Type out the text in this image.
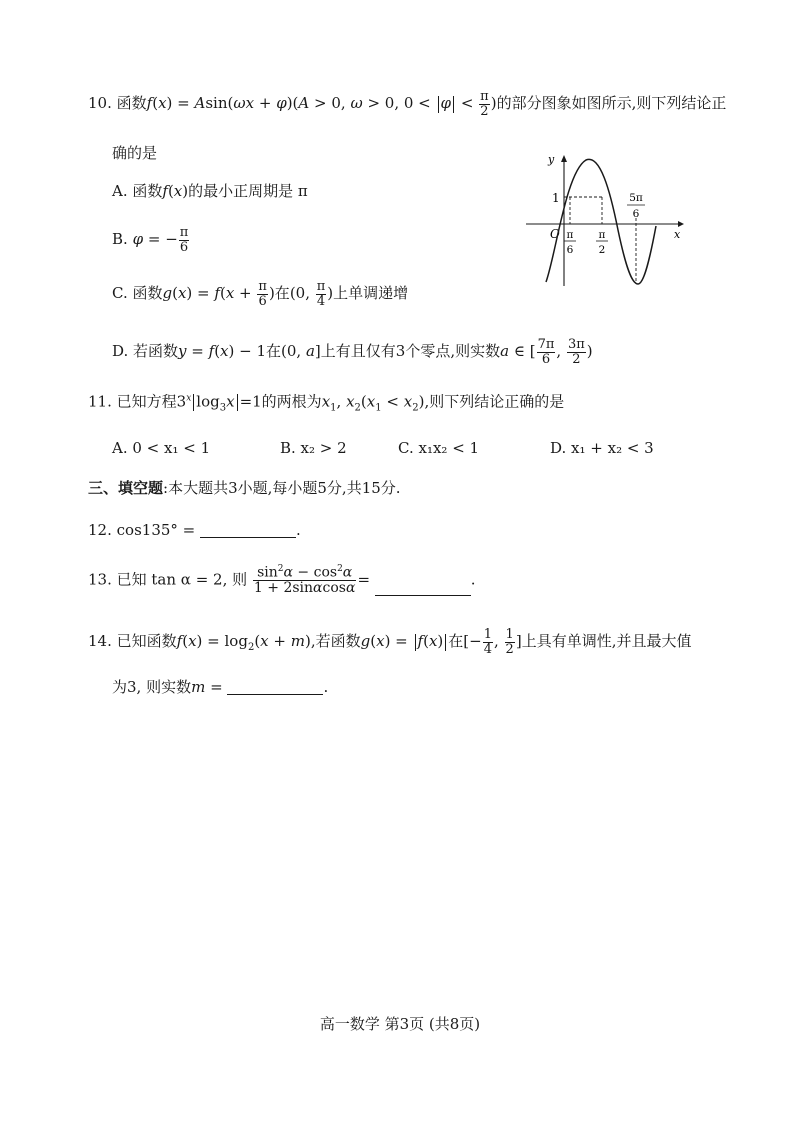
10. 函数f(x) = Asin(ωx + φ)(A > 0, ω > 0, $0 < \varphi < \frac{\pi}{2}$ )的部分图象如图所示,则下列结论正
确的是
A. 函数f(x)的最小正周期是 π
B. φ = − $\frac{\pi}{6}$
C. 函数$g(x) = f(x + \frac{\pi}{6}$ )在(0, $\frac{\pi}{4}$ )上单调递增
D. 若函数y = f(x) − 1在(0, a]上有且仅有3个零点,则实数a ∈ [ $\frac{7\pi}{6}$ , $\frac{3\pi}{2}$ )
y
x
O
1
π
6
π
2
5π
6
11. 已知方程3$^x$ $\log_3x =1$的两根为$x_1$, $x_2(x_1 < x_2)$,则下列结论正确的是
A. 0 < x₁ < 1	B. x₂ > 2	C. x₁x₂ < 1	D. x₁ + x₂ < 3
三、填空题:本大题共3小题,每小题5分,共15分.
12. cos135° =	.
13. 已知 tan α = 2, 则 $\frac{\sin^2\alpha - \cos^2\alpha}{1 + 2\sin\alpha\cos\alpha}$ =	.
14. 已知函数$f(x) = \log_2(x + m)$,若函数g(x) = f(x) 在[− $\frac{1}{4}$ , $\frac{1}{2}$ ]上具有单调性,并且最大值
为3, 则实数m =	.
高一数学 第3页 (共8页)
